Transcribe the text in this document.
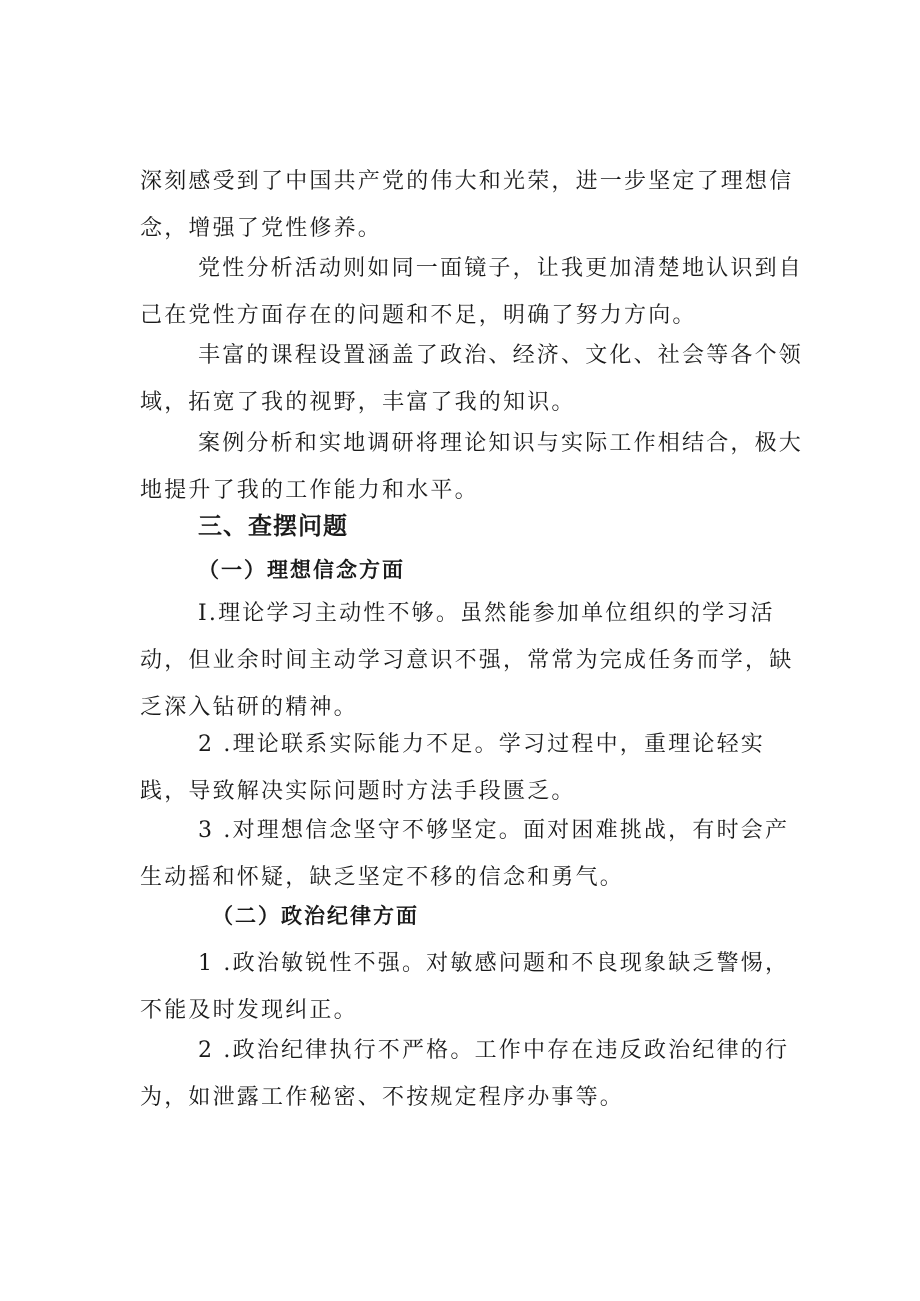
深刻感受到了中国共产党的伟大和光荣，进一步坚定了理想信念，增强了党性修养。

党性分析活动则如同一面镜子，让我更加清楚地认识到自己在党性方面存在的问题和不足，明确了努力方向。

丰富的课程设置涵盖了政治、经济、文化、社会等各个领域，拓宽了我的视野，丰富了我的知识。

案例分析和实地调研将理论知识与实际工作相结合，极大地提升了我的工作能力和水平。

三、查摆问题
（一）理想信念方面

I.理论学习主动性不够。虽然能参加单位组织的学习活动，但业余时间主动学习意识不强，常常为完成任务而学，缺乏深入钻研的精神。

2 .理论联系实际能力不足。学习过程中，重理论轻实践，导致解决实际问题时方法手段匮乏。

3 .对理想信念坚守不够坚定。面对困难挑战，有时会产生动摇和怀疑，缺乏坚定不移的信念和勇气。

（二）政治纪律方面

1 .政治敏锐性不强。对敏感问题和不良现象缺乏警惕，不能及时发现纠正。

2 .政治纪律执行不严格。工作中存在违反政治纪律的行为，如泄露工作秘密、不按规定程序办事等。
